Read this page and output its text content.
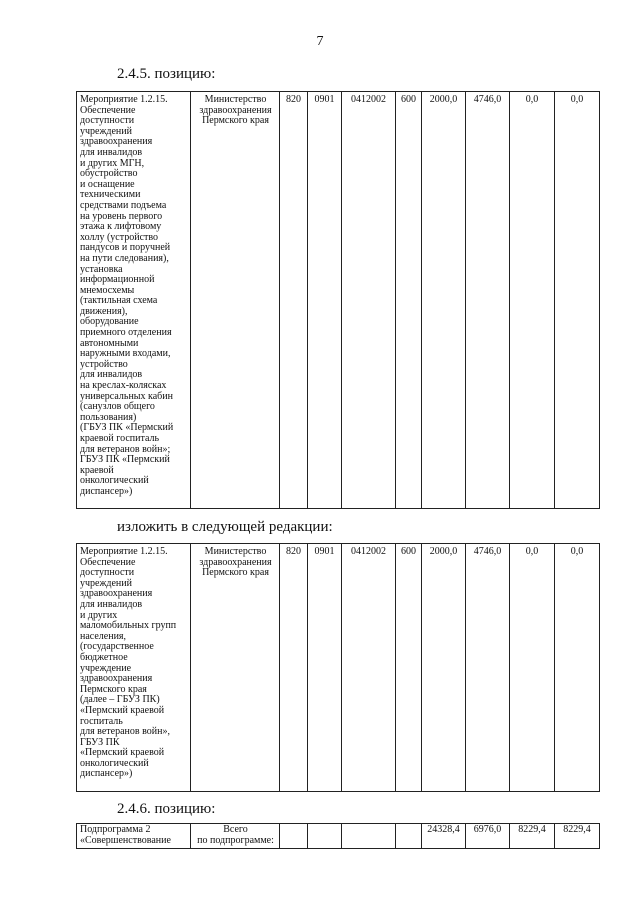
7
2.4.5. позицию:
Мероприятие 1.2.15.
Обеспечение
доступности
учреждений
здравоохранения
для инвалидов
и других МГН,
обустройство
и оснащение
техническими
средствами подъема
на уровень первого
этажа к лифтовому
холлу (устройство
пандусов и поручней
на пути следования),
установка
информационной
мнемосхемы
(тактильная схема
движения),
оборудование
приемного отделения
автономными
наружными входами,
устройство
для инвалидов
на креслах-колясках
универсальных кабин
(санузлов общего
пользования)
(ГБУЗ ПК «Пермский
краевой госпиталь
для ветеранов войн»;
ГБУЗ ПК «Пермский
краевой
онкологический
диспансер»)	Министерство
здравоохранения
Пермского края	820	0901	0412002	600	2000,0	4746,0	0,0	0,0
изложить в следующей редакции:
Мероприятие 1.2.15.
Обеспечение
доступности
учреждений
здравоохранения
для инвалидов
и других
маломобильных групп
населения,
(государственное
бюджетное
учреждение
здравоохранения
Пермского края
(далее – ГБУЗ ПК)
«Пермский краевой
госпиталь
для ветеранов войн»,
ГБУЗ ПК
«Пермский краевой
онкологический
диспансер»)	Министерство
здравоохранения
Пермского края	820	0901	0412002	600	2000,0	4746,0	0,0	0,0
2.4.6. позицию:
Подпрограмма 2
«Совершенствование	Всего
по подпрограмме:					24328,4	6976,0	8229,4	8229,4
